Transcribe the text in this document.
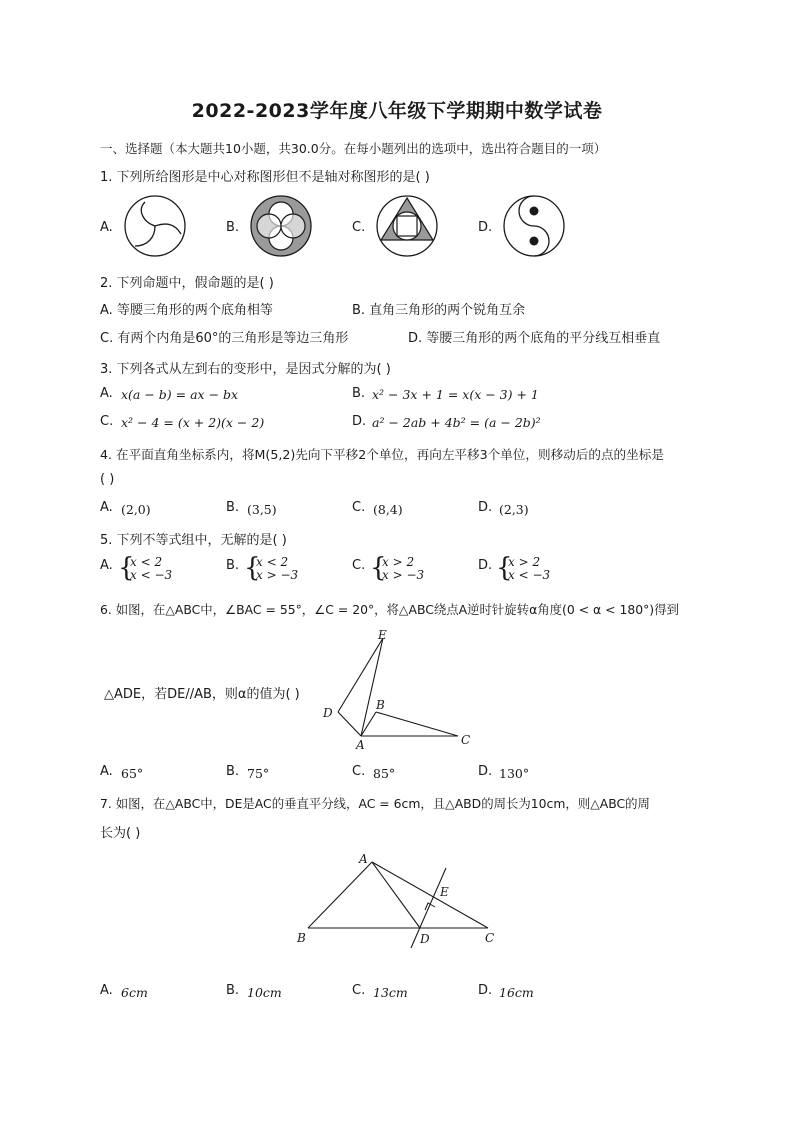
2022-2023学年度八年级下学期期中数学试卷
一、选择题（本大题共10小题，共30.0分。在每小题列出的选项中，选出符合题目的一项）
1. 下列所给图形是中心对称图形但不是轴对称图形的是( )
A.	B.	C.	D.
2. 下列命题中，假命题的是( )
A. 等腰三角形的两个底角相等	B. 直角三角形的两个锐角互余
C. 有两个内角是60°的三角形是等边三角形	D. 等腰三角形的两个底角的平分线互相垂直
3. 下列各式从左到右的变形中，是因式分解的为( )
A. x(a − b) = ax − bx	B. x² − 3x + 1 = x(x − 3) + 1
C. x² − 4 = (x + 2)(x − 2)	D. a² − 2ab + 4b² = (a − 2b)²
4. 在平面直角坐标系内，将M(5,2)先向下平移2个单位，再向左平移3个单位，则移动后的点的坐标是
( )
A. (2,0)	B. (3,5)	C. (8,4)	D. (2,3)
5. 下列不等式组中，无解的是( )
A. {
x < 2
x < −3
B. {
x < 2
x > −3
C. {
x > 2
x > −3
D. {
x > 2
x < −3
6. 如图，在△ABC中，∠BAC = 55°，∠C = 20°，将△ABC绕点A逆时针旋转α角度(0 < α < 180°)得到
△ADE，若DE//AB，则α的值为( )
E
D
B
A	C
A. 65°	B. 75°	C. 85°	D. 130°
7. 如图，在△ABC中，DE是AC的垂直平分线，AC = 6cm，且△ABD的周长为10cm，则△ABC的周
长为( )
A
E
B	D	C
A. 6cm	B. 10cm	C. 13cm	D. 16cm
